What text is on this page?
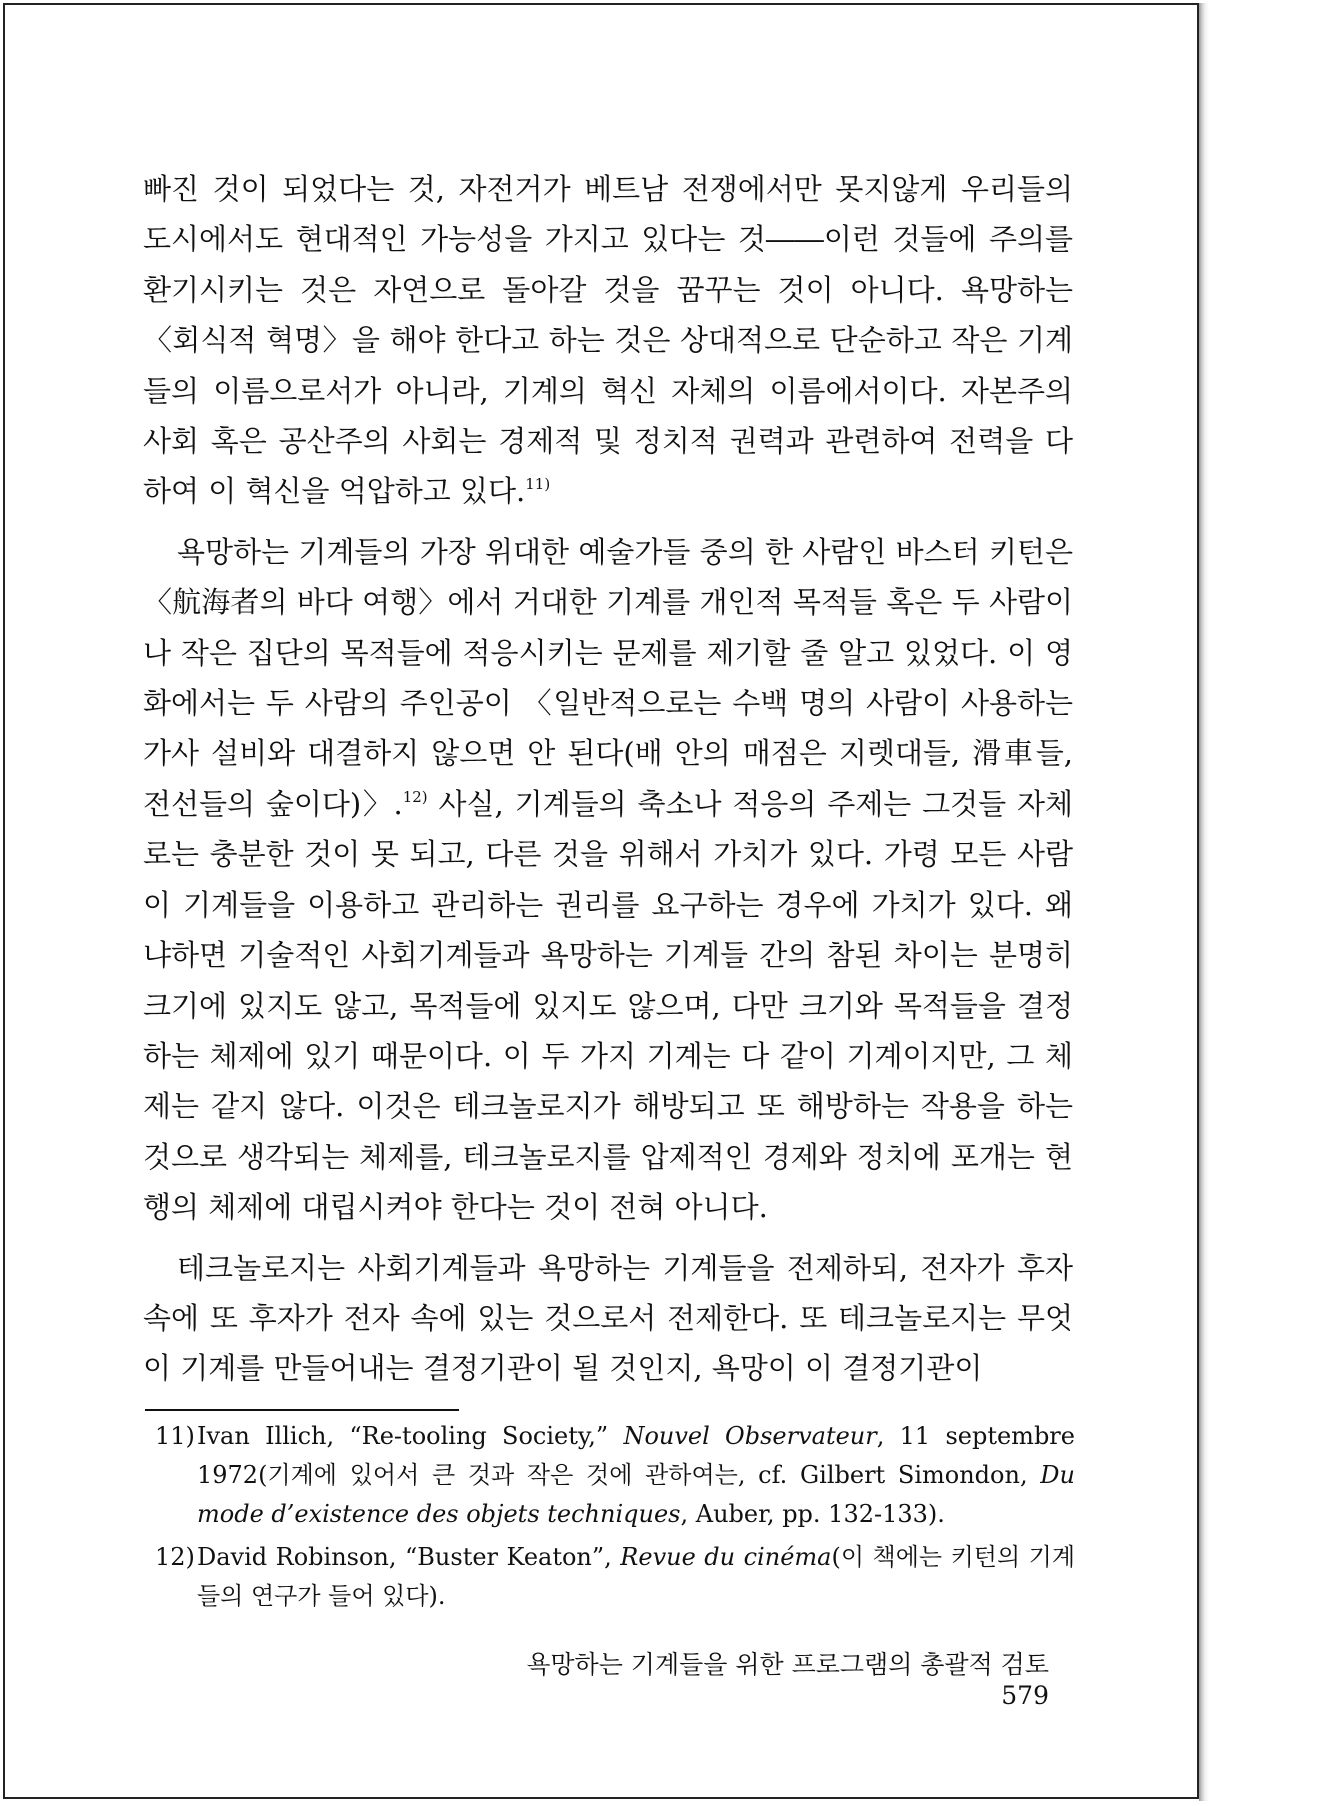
빠진 것이 되었다는 것, 자전거가 베트남 전쟁에서만 못지않게 우리들의 도시에서도 현대적인 가능성을 가지고 있다는 것――이런 것들에 주의를 환기시키는 것은 자연으로 돌아갈 것을 꿈꾸는 것이 아니다. 욕망하는 〈회식적 혁명〉을 해야 한다고 하는 것은 상대적으로 단순하고 작은 기계들의 이름으로서가 아니라, 기계의 혁신 자체의 이름에서이다. 자본주의 사회 혹은 공산주의 사회는 경제적 및 정치적 권력과 관련하여 전력을 다하여 이 혁신을 억압하고 있다.$^{11)}$

욕망하는 기계들의 가장 위대한 예술가들 중의 한 사람인 바스터 키턴은 〈航海者의 바다 여행〉에서 거대한 기계를 개인적 목적들 혹은 두 사람이나 작은 집단의 목적들에 적응시키는 문제를 제기할 줄 알고 있었다. 이 영화에서는 두 사람의 주인공이 〈일반적으로는 수백 명의 사람이 사용하는 가사 설비와 대결하지 않으면 안 된다(배 안의 매점은 지렛대들, 滑車들, 전선들의 숲이다)〉.$^{12)}$ 사실, 기계들의 축소나 적응의 주제는 그것들 자체로는 충분한 것이 못 되고, 다른 것을 위해서 가치가 있다. 가령 모든 사람이 기계들을 이용하고 관리하는 권리를 요구하는 경우에 가치가 있다. 왜냐하면 기술적인 사회기계들과 욕망하는 기계들 간의 참된 차이는 분명히 크기에 있지도 않고, 목적들에 있지도 않으며, 다만 크기와 목적들을 결정하는 체제에 있기 때문이다. 이 두 가지 기계는 다 같이 기계이지만, 그 체제는 같지 않다. 이것은 테크놀로지가 해방되고 또 해방하는 작용을 하는 것으로 생각되는 체제를, 테크놀로지를 압제적인 경제와 정치에 포개는 현행의 체제에 대립시켜야 한다는 것이 전혀 아니다.

테크놀로지는 사회기계들과 욕망하는 기계들을 전제하되, 전자가 후자 속에 또 후자가 전자 속에 있는 것으로서 전제한다. 또 테크놀로지는 무엇이 기계를 만들어내는 결정기관이 될 것인지, 욕망이 이 결정기관이

11) Ivan Illich, “Re-tooling Society,” Nouvel Observateur, 11 septembre 1972(기계에 있어서 큰 것과 작은 것에 관하여는, cf. Gilbert Simondon, Du mode d’existence des objets techniques, Auber, pp. 132-133).
12) David Robinson, “Buster Keaton”, Revue du cinéma(이 책에는 키턴의 기계들의 연구가 들어 있다).
욕망하는 기계들을 위한 프로그램의 총괄적 검토579
